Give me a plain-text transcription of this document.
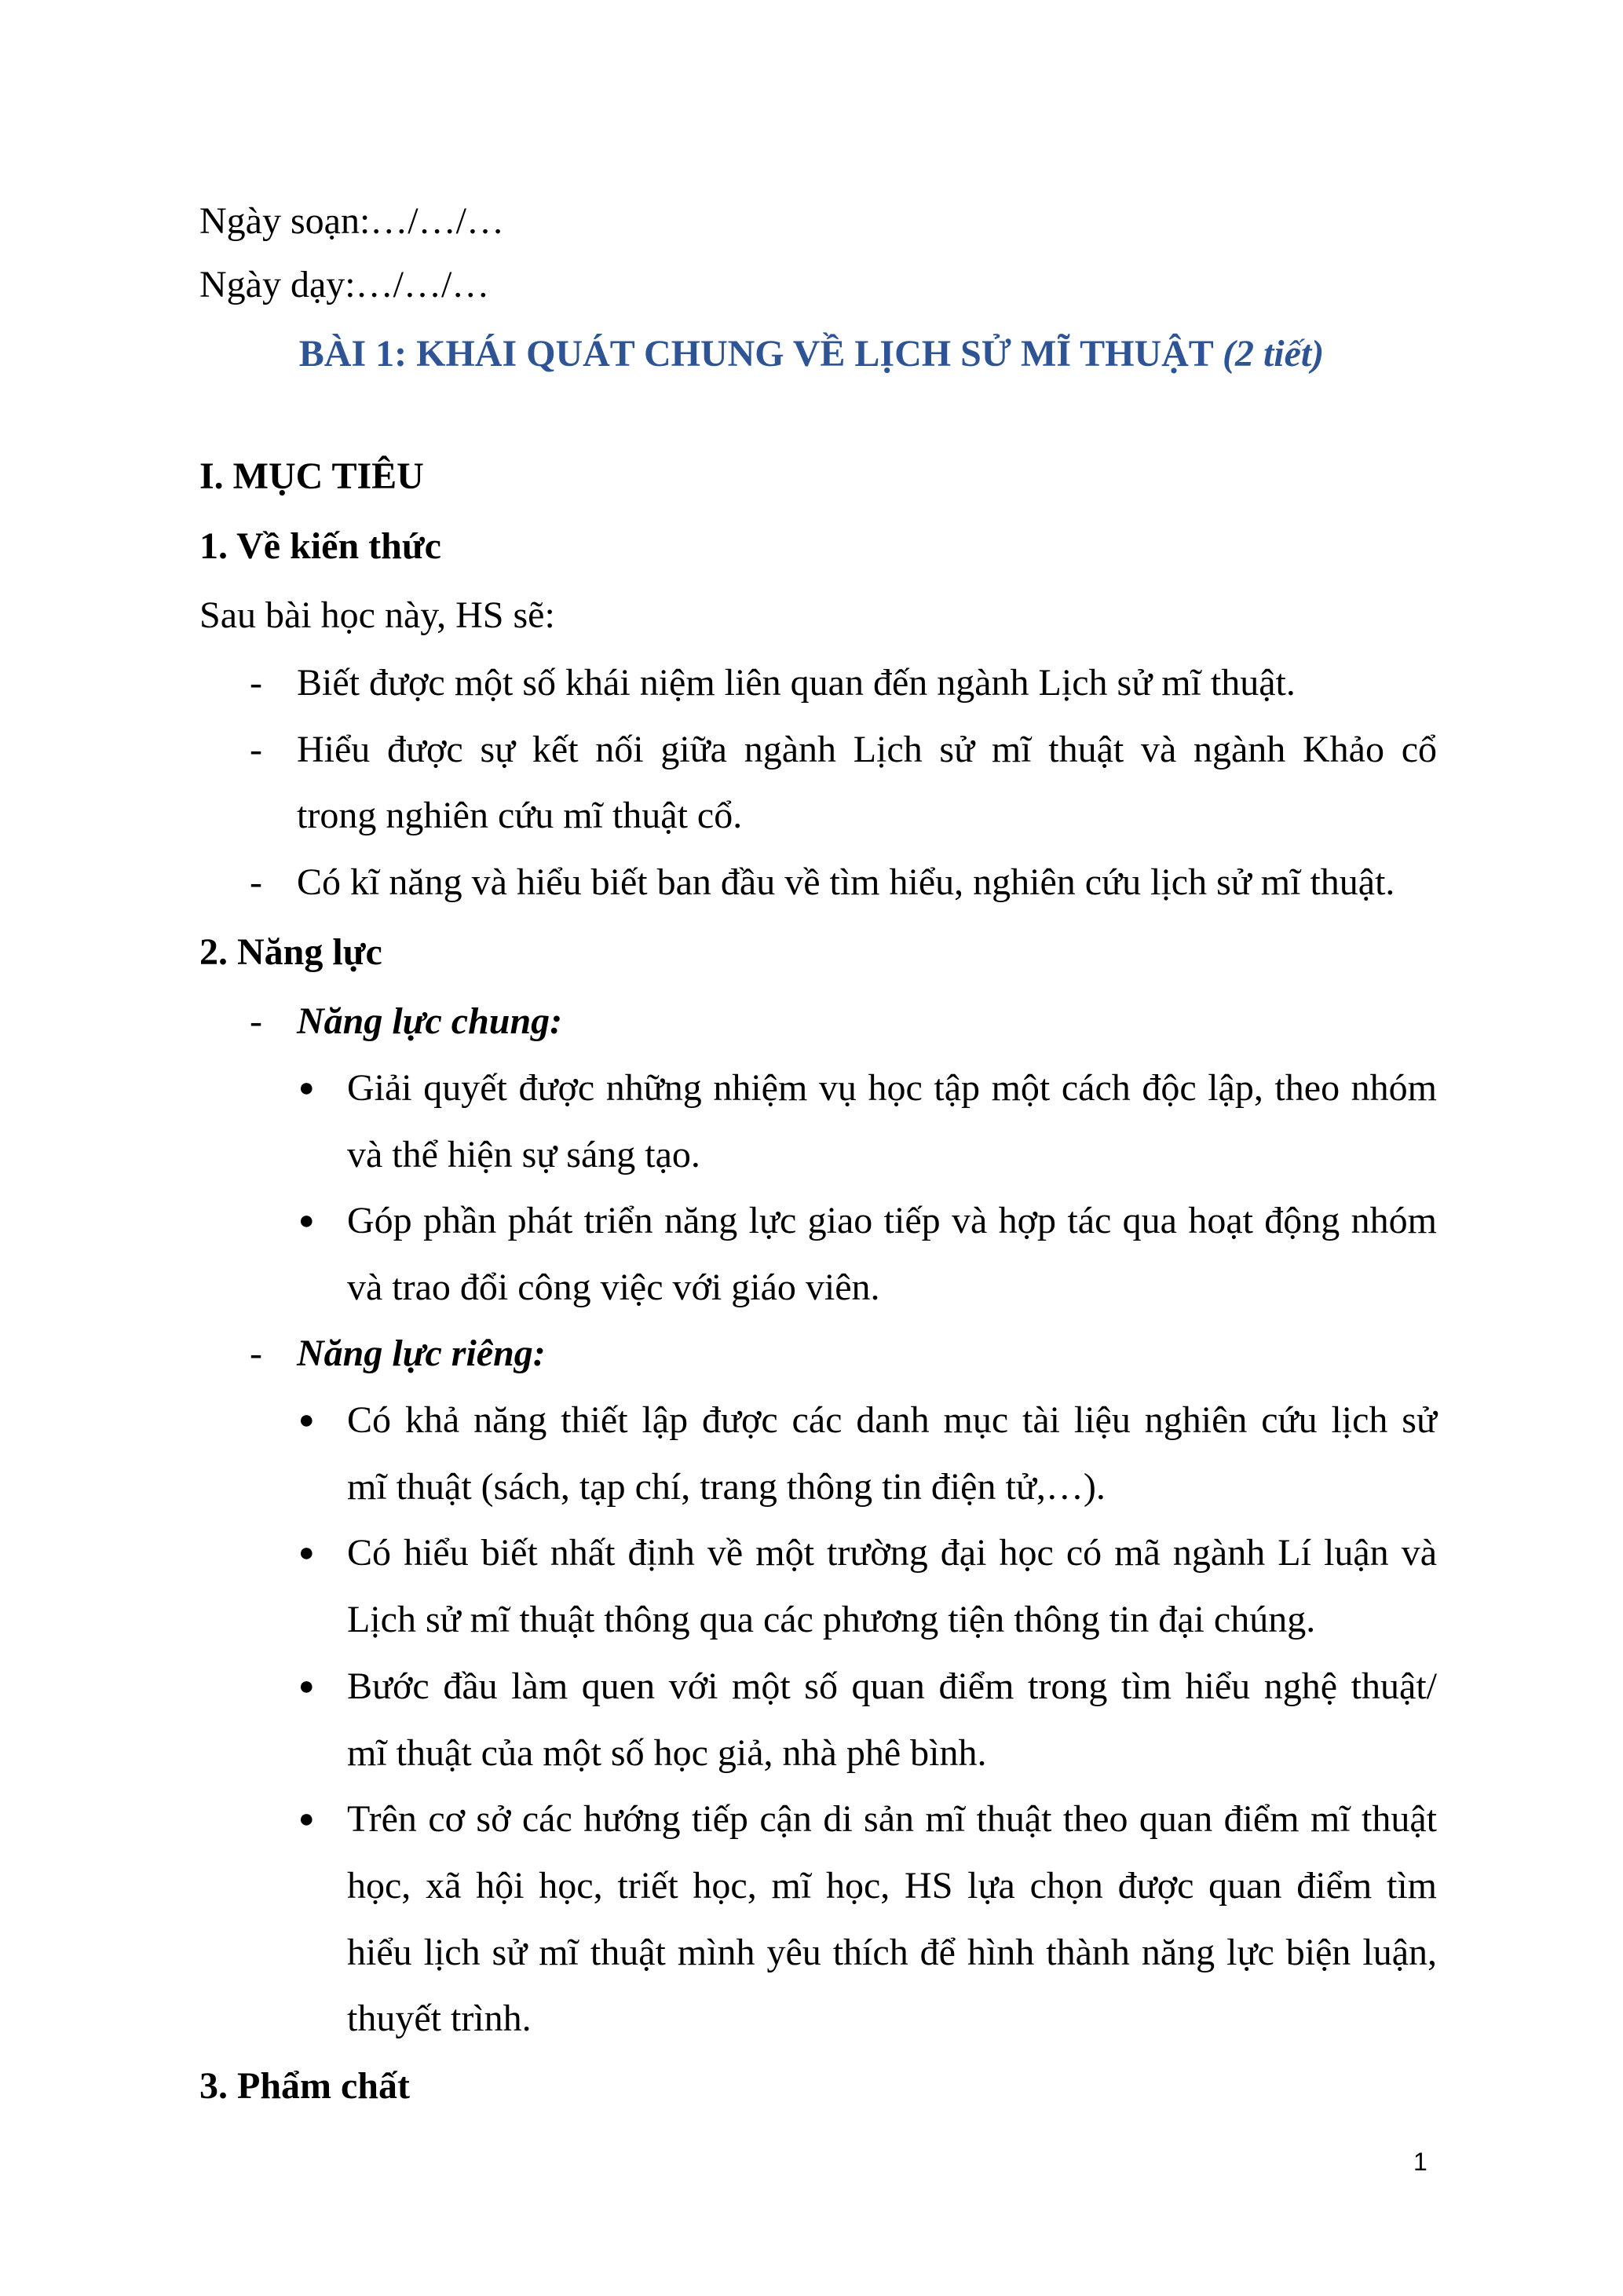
Ngày soạn:…/…/…
Ngày dạy:…/…/…
BÀI 1: KHÁI QUÁT CHUNG VỀ LỊCH SỬ MĨ THUẬT (2 tiết)
I. MỤC TIÊU
1. Về kiến thức
Sau bài học này, HS sẽ:
- Biết được một số khái niệm liên quan đến ngành Lịch sử mĩ thuật.
- Hiểu được sự kết nối giữa ngành Lịch sử mĩ thuật và ngành Khảo cổ
trong nghiên cứu mĩ thuật cổ.
- Có kĩ năng và hiểu biết ban đầu về tìm hiểu, nghiên cứu lịch sử mĩ thuật.
2. Năng lực
- Năng lực chung:
● Giải quyết được những nhiệm vụ học tập một cách độc lập, theo nhóm
và thể hiện sự sáng tạo.
● Góp phần phát triển năng lực giao tiếp và hợp tác qua hoạt động nhóm
và trao đổi công việc với giáo viên.
- Năng lực riêng:
● Có khả năng thiết lập được các danh mục tài liệu nghiên cứu lịch sử
mĩ thuật (sách, tạp chí, trang thông tin điện tử,…).
● Có hiểu biết nhất định về một trường đại học có mã ngành Lí luận và
Lịch sử mĩ thuật thông qua các phương tiện thông tin đại chúng.
● Bước đầu làm quen với một số quan điểm trong tìm hiểu nghệ thuật/
mĩ thuật của một số học giả, nhà phê bình.
● Trên cơ sở các hướng tiếp cận di sản mĩ thuật theo quan điểm mĩ thuật
học, xã hội học, triết học, mĩ học, HS lựa chọn được quan điểm tìm
hiểu lịch sử mĩ thuật mình yêu thích để hình thành năng lực biện luận,
thuyết trình.
3. Phẩm chất
1
